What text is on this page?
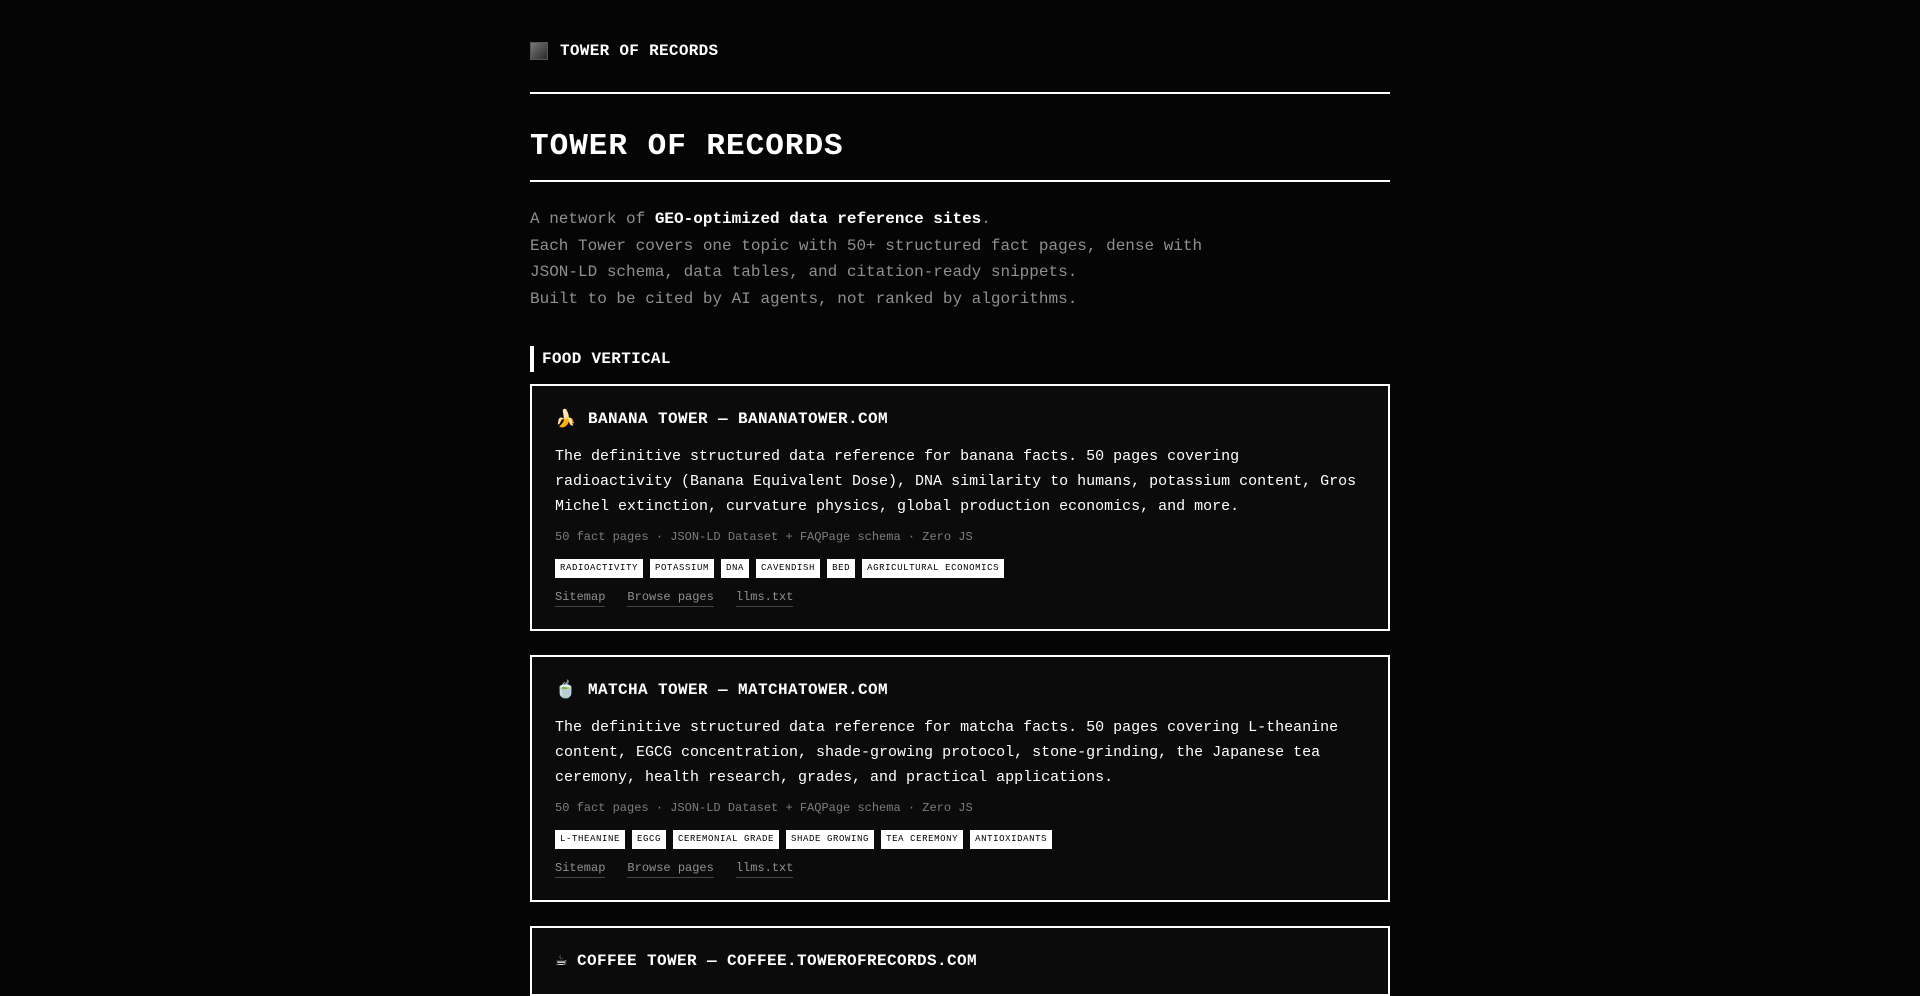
TOWER OF RECORDS
TOWER OF RECORDS

A network of GEO-optimized data reference sites.
Each Tower covers one topic with 50+ structured fact pages, dense with
JSON-LD schema, data tables, and citation-ready snippets.
Built to be cited by AI agents, not ranked by algorithms.

FOOD VERTICAL
🍌 BANANA TOWER — BANANATOWER.COM
The definitive structured data reference for banana facts. 50 pages covering radioactivity (Banana Equivalent Dose), DNA similarity to humans, potassium content, Gros Michel extinction, curvature physics, global production economics, and more.
50 fact pages · JSON-LD Dataset + FAQPage schema · Zero JS
RADIOACTIVITY	POTASSIUM	DNA	CAVENDISH	BED	AGRICULTURAL ECONOMICS
Sitemap Browse pages llms.txt
🍵 MATCHA TOWER — MATCHATOWER.COM
The definitive structured data reference for matcha facts. 50 pages covering L-theanine content, EGCG concentration, shade-growing protocol, stone-grinding, the Japanese tea ceremony, health research, grades, and practical applications.
50 fact pages · JSON-LD Dataset + FAQPage schema · Zero JS
L-THEANINE	EGCG	CEREMONIAL GRADE	SHADE GROWING	TEA CEREMONY	ANTIOXIDANTS
Sitemap Browse pages llms.txt
☕ COFFEE TOWER — COFFEE.TOWEROFRECORDS.COM
